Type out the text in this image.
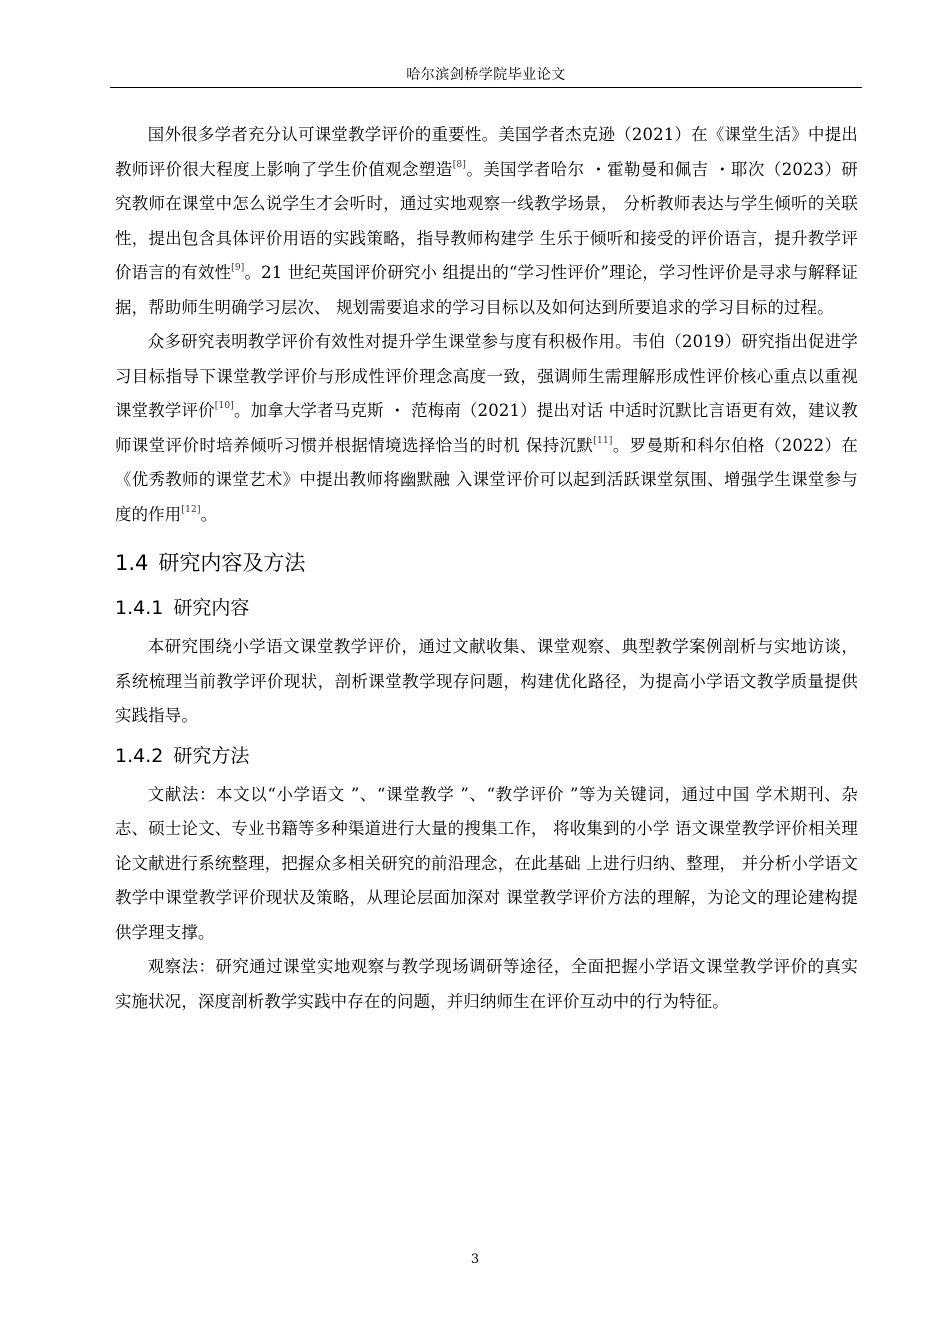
哈尔滨剑桥学院毕业论文

国外很多学者充分认可课堂教学评价的重要性。美国学者杰克逊（2021）在《课堂生活》中提出教师评价很大程度上影响了学生价值观念塑造[8]。美国学者哈尔 ・霍勒曼和佩吉 ・耶次（2023）研究教师在课堂中怎么说学生才会听时，通过实地观察一线教学场景， 分析教师表达与学生倾听的关联性，提出包含具体评价用语的实践策略，指导教师构建学 生乐于倾听和接受的评价语言，提升教学评价语言的有效性[9]。21 世纪英国评价研究小 组提出的“学习性评价”理论，学习性评价是寻求与解释证据，帮助师生明确学习层次、 规划需要追求的学习目标以及如何达到所要追求的学习目标的过程。

众多研究表明教学评价有效性对提升学生课堂参与度有积极作用。韦伯（2019）研究指出促进学习目标指导下课堂教学评价与形成性评价理念高度一致，强调师生需理解形成性评价核心重点以重视课堂教学评价[10]。加拿大学者马克斯 ・ 范梅南（2021）提出对话 中适时沉默比言语更有效，建议教师课堂评价时培养倾听习惯并根据情境选择恰当的时机 保持沉默[11]。罗曼斯和科尔伯格（2022）在《优秀教师的课堂艺术》中提出教师将幽默融 入课堂评价可以起到活跃课堂氛围、增强学生课堂参与度的作用[12]。

1.4 研究内容及方法
1.4.1 研究内容

本研究围绕小学语文课堂教学评价，通过文献收集、课堂观察、典型教学案例剖析与实地访谈，系统梳理当前教学评价现状，剖析课堂教学现存问题，构建优化路径，为提高小学语文教学质量提供实践指导。

1.4.2 研究方法

文献法：本文以“小学语文 ”、“课堂教学 ”、“教学评价 ”等为关键词，通过中国 学术期刊、杂志、硕士论文、专业书籍等多种渠道进行大量的搜集工作， 将收集到的小学 语文课堂教学评价相关理论文献进行系统整理，把握众多相关研究的前沿理念，在此基础 上进行归纳、整理， 并分析小学语文教学中课堂教学评价现状及策略，从理论层面加深对 课堂教学评价方法的理解，为论文的理论建构提供学理支撑。

观察法：研究通过课堂实地观察与教学现场调研等途径，全面把握小学语文课堂教学评价的真实实施状况，深度剖析教学实践中存在的问题，并归纳师生在评价互动中的行为特征。

3
